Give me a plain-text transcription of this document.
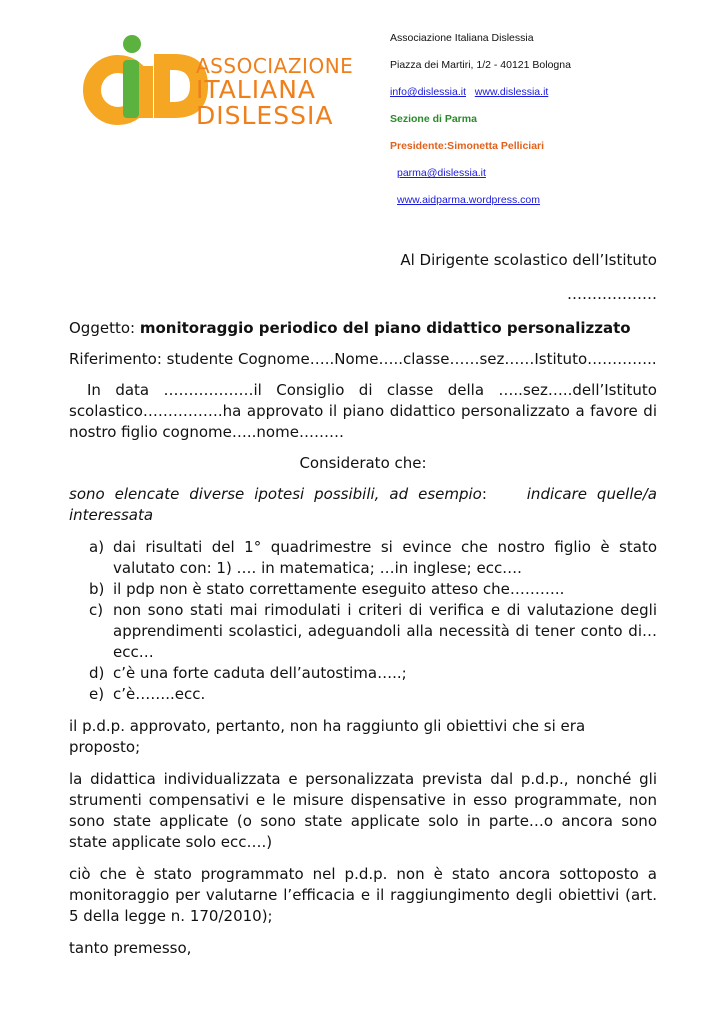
ASSOCIAZIONE
ITALIANA
DISLESSIA
Associazione Italiana Dislessia
Piazza dei Martiri, 1/2 - 40121 Bologna
info@dislessia.it www.dislessia.it
Sezione di Parma
Presidente:Simonetta Pelliciari
parma@dislessia.it
www.aidparma.wordpress.com

Al Dirigente scolastico dell’Istituto

………………

Oggetto: monitoraggio periodico del piano didattico personalizzato

Riferimento: studente Cognome…..Nome…..classe……sez……Istituto…………..

In data ………………il Consiglio di classe della …..sez…..dell’Istituto scolastico…………….ha approvato il piano didattico personalizzato a favore di nostro figlio cognome…..nome………

Considerato che:

sono elencate diverse ipotesi possibili, ad esempio:	indicare quelle/a interessata

a) dai risultati del 1° quadrimestre si evince che nostro figlio è stato valutato con: 1) …. in matematica; …in inglese; ecc….
b) il pdp non è stato correttamente eseguito atteso che………..
c) non sono stati mai rimodulati i criteri di verifica e di valutazione degli apprendimenti scolastici, adeguandoli alla necessità di tener conto di…ecc…
d) c’è una forte caduta dell’autostima…..;
e) c’è……..ecc.

il p.d.p. approvato, pertanto, non ha raggiunto gli obiettivi che si era proposto;

la didattica individualizzata e personalizzata prevista dal p.d.p., nonché gli strumenti compensativi e le misure dispensative in esso programmate, non sono state applicate (o sono state applicate solo in parte…o ancora sono state applicate solo ecc….)

ciò che è stato programmato nel p.d.p. non è stato ancora sottoposto a monitoraggio per valutarne l’efficacia e il raggiungimento degli obiettivi (art. 5 della legge n. 170/2010);

tanto premesso,
